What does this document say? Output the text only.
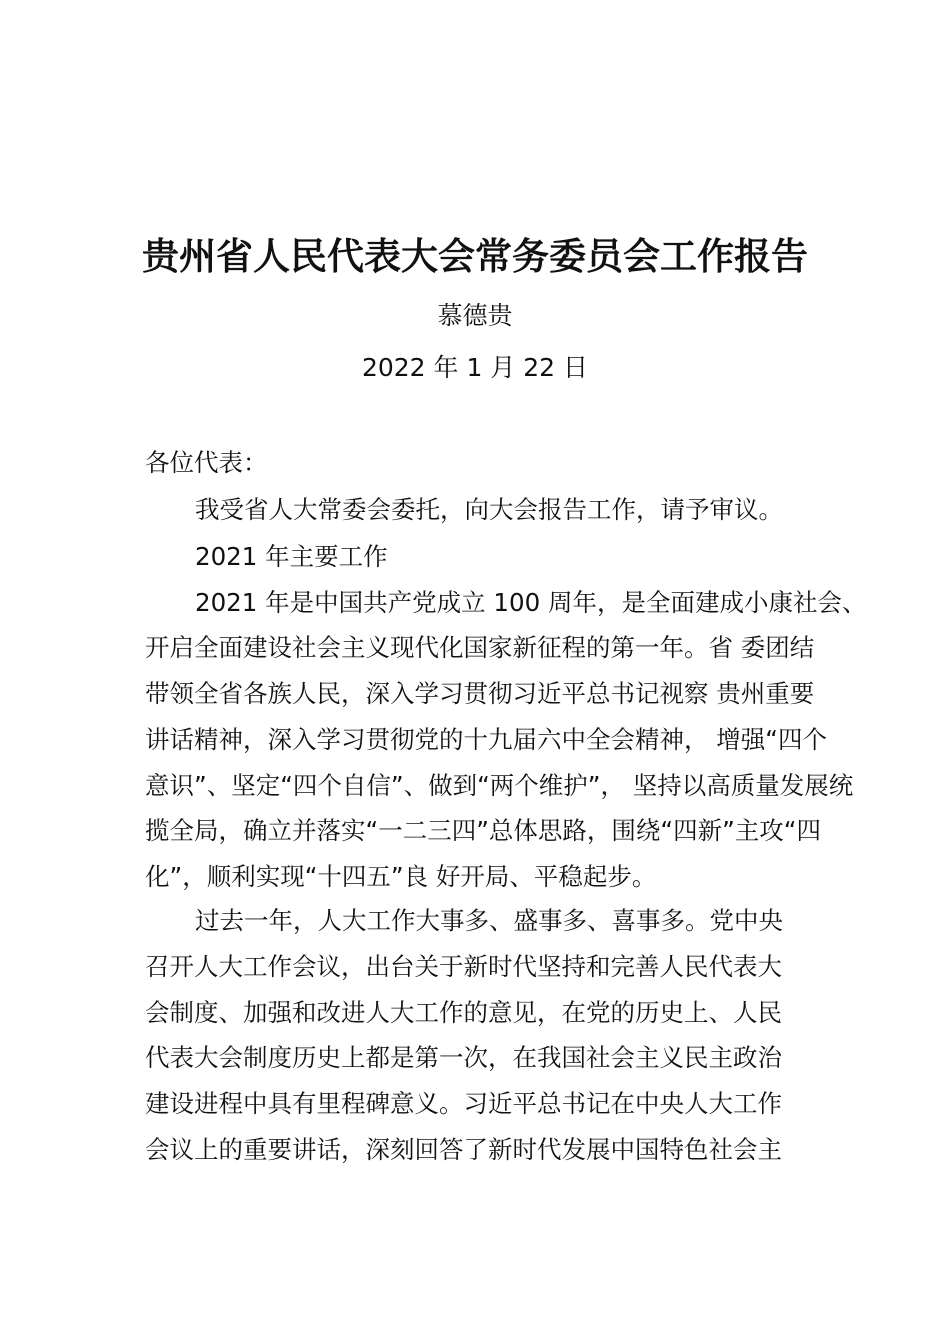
贵州省人民代表大会常务委员会工作报告
慕德贵
2022 年 1 月 22 日
各位代表：
我受省人大常委会委托，向大会报告工作，请予审议。
2021 年主要工作
2021 年是中国共产党成立 100 周年，是全面建成小康社会、
开启全面建设社会主义现代化国家新征程的第一年。省 委团结
带领全省各族人民，深入学习贯彻习近平总书记视察 贵州重要
讲话精神，深入学习贯彻党的十九届六中全会精神， 增强“四个
意识”、坚定“四个自信”、做到“两个维护”， 坚持以高质量发展统
揽全局，确立并落实“一二三四”总体思路，围绕“四新”主攻“四
化”，顺利实现“十四五”良 好开局、平稳起步。
过去一年，人大工作大事多、盛事多、喜事多。党中央
召开人大工作会议，出台关于新时代坚持和完善人民代表大
会制度、加强和改进人大工作的意见，在党的历史上、人民
代表大会制度历史上都是第一次，在我国社会主义民主政治
建设进程中具有里程碑意义。习近平总书记在中央人大工作
会议上的重要讲话，深刻回答了新时代发展中国特色社会主
